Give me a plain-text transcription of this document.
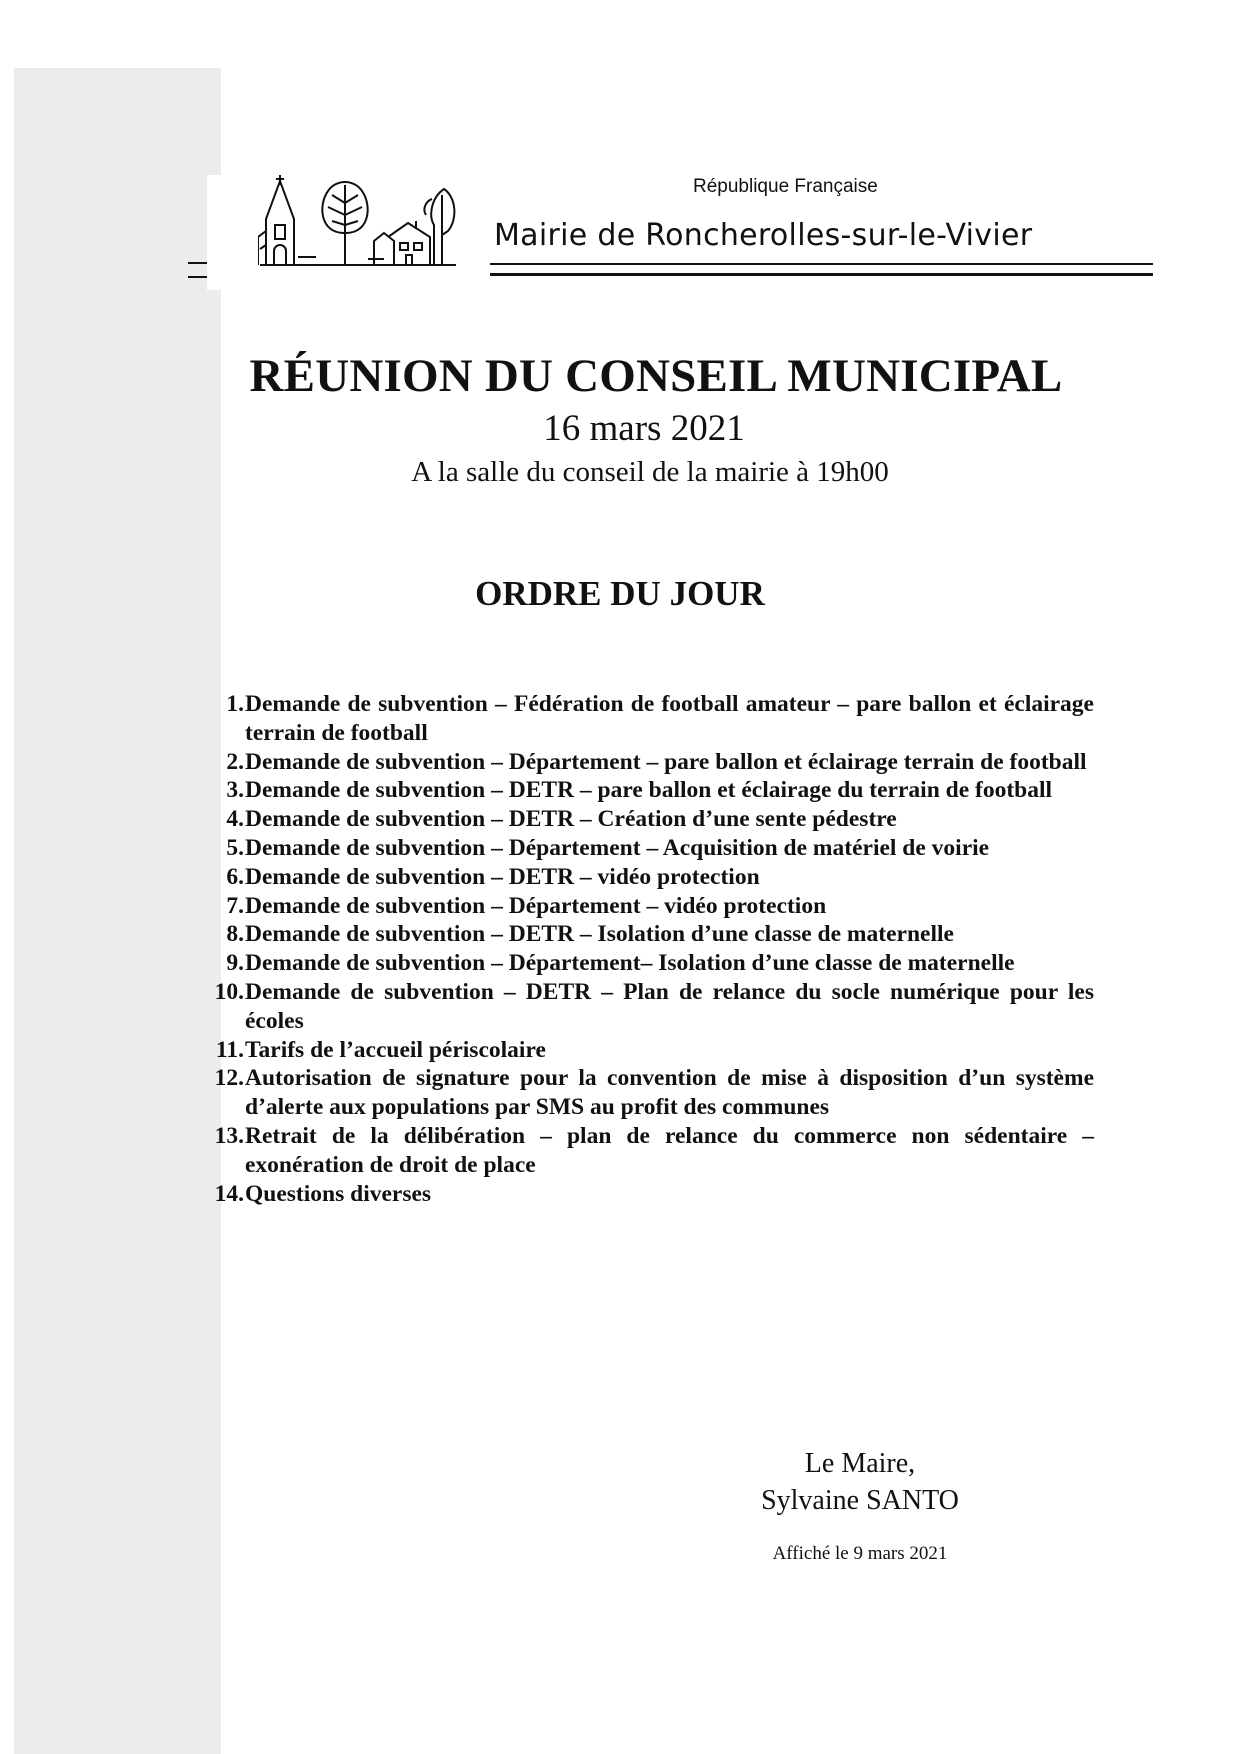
République Française
Mairie de Roncherolles-sur-le-Vivier
RÉUNION DU CONSEIL MUNICIPAL
16 mars 2021
A la salle du conseil de la mairie à 19h00
ORDRE DU JOUR
1. Demande de subvention – Fédération de football amateur – pare ballon et éclairage terrain de football
2. Demande de subvention – Département – pare ballon et éclairage terrain de football
3. Demande de subvention – DETR – pare ballon et éclairage du terrain de football
4. Demande de subvention – DETR – Création d’une sente pédestre
5. Demande de subvention – Département – Acquisition de matériel de voirie
6. Demande de subvention – DETR – vidéo protection
7. Demande de subvention – Département – vidéo protection
8. Demande de subvention – DETR – Isolation d’une classe de maternelle
9. Demande de subvention – Département– Isolation d’une classe de maternelle
10. Demande de subvention – DETR – Plan de relance du socle numérique pour les écoles
11. Tarifs de l’accueil périscolaire
12. Autorisation de signature pour la convention de mise à disposition d’un système d’alerte aux populations par SMS au profit des communes
13. Retrait de la délibération – plan de relance du commerce non sédentaire – exonération de droit de place
14. Questions diverses
Le Maire,
Sylvaine SANTO
Affiché le 9 mars 2021
